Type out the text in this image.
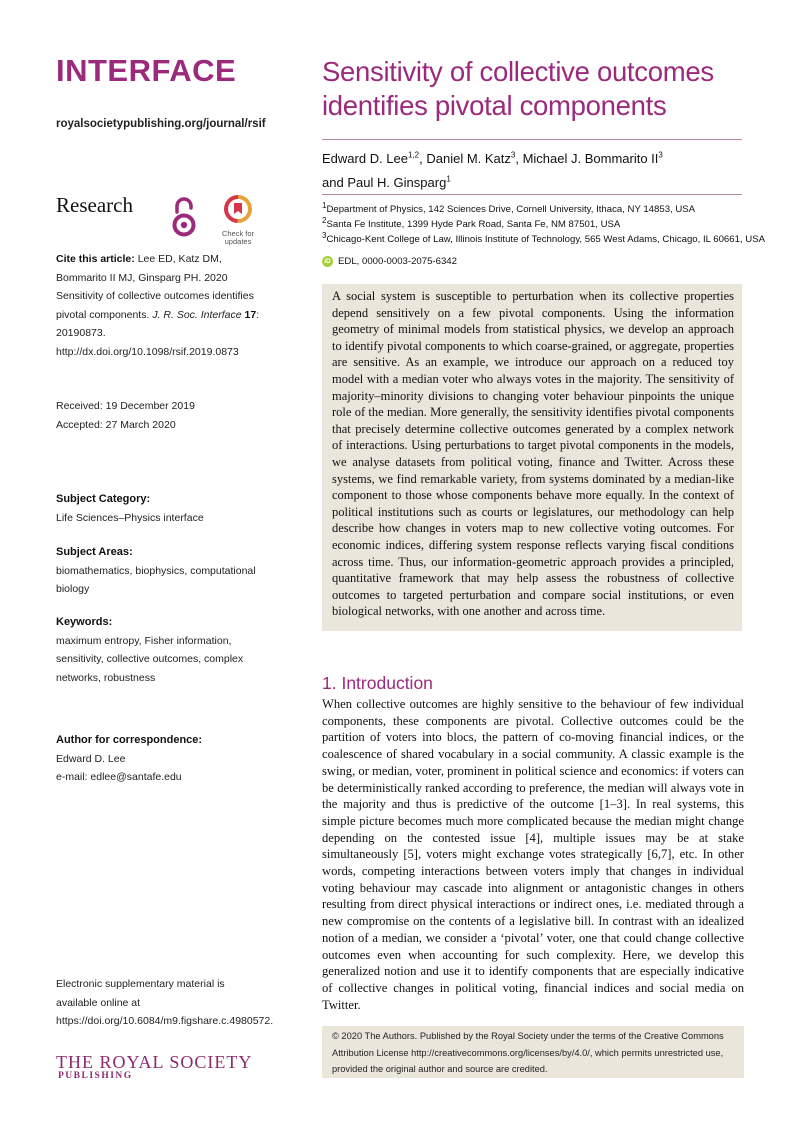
INTERFACE
royalsocietypublishing.org/journal/rsif
Research
Check for updates
Cite this article: Lee ED, Katz DM, Bommarito II MJ, Ginsparg PH. 2020 Sensitivity of collective outcomes identifies pivotal components. J. R. Soc. Interface 17: 20190873. http://dx.doi.org/10.1098/rsif.2019.0873
Received: 19 December 2019
Accepted: 27 March 2020
Subject Category:
Life Sciences–Physics interface
Subject Areas:
biomathematics, biophysics, computational biology
Keywords:
maximum entropy, Fisher information, sensitivity, collective outcomes, complex networks, robustness
Author for correspondence:
Edward D. Lee
e-mail: edlee@santafe.edu
Electronic supplementary material is available online at https://doi.org/10.6084/m9.figshare.c.4980572.
THE ROYAL SOCIETY
PUBLISHING
Sensitivity of collective outcomes
identifies pivotal components
Edward D. Lee$^{1,2}$, Daniel M. Katz$^3$, Michael J. Bommarito $II^3$
and Paul H. Ginsparg$^1$
$^1$Department of Physics, 142 Sciences Drive, Cornell University, Ithaca, NY 14853, USA
$^2$Santa Fe Institute, 1399 Hyde Park Road, Santa Fe, NM 87501, USA
$^3$Chicago-Kent College of Law, Illinois Institute of Technology, 565 West Adams, Chicago, IL 60661, USA
iD EDL, 0000-0003-2075-6342

A social system is susceptible to perturbation when its collective properties depend sensitively on a few pivotal components. Using the information geometry of minimal models from statistical physics, we develop an approach to identify pivotal components to which coarse-grained, or aggregate, properties are sensitive. As an example, we introduce our approach on a reduced toy model with a median voter who always votes in the majority. The sensitivity of majority–minority divisions to changing voter behaviour pinpoints the unique role of the median. More generally, the sensitivity identifies pivotal components that precisely determine collective outcomes generated by a complex network of interactions. Using perturbations to target pivotal components in the models, we analyse datasets from political voting, finance and Twitter. Across these systems, we find remarkable variety, from systems dominated by a median-like component to those whose components behave more equally. In the context of political institutions such as courts or legislatures, our methodology can help describe how changes in voters map to new collective voting outcomes. For economic indices, differing system response reflects varying fiscal conditions across time. Thus, our information-geometric approach provides a principled, quantitative framework that may help assess the robustness of collective outcomes to targeted perturbation and compare social institutions, or even biological networks, with one another and across time.

1. Introduction

When collective outcomes are highly sensitive to the behaviour of few individual components, these components are pivotal. Collective outcomes could be the partition of voters into blocs, the pattern of co-moving financial indices, or the coalescence of shared vocabulary in a social community. A classic example is the swing, or median, voter, prominent in political science and economics: if voters can be deterministically ranked according to preference, the median will always vote in the majority and thus is predictive of the outcome [1–3]. In real systems, this simple picture becomes much more complicated because the median might change depending on the contested issue [4], multiple issues may be at stake simultaneously [5], voters might exchange votes strategically [6,7], etc. In other words, competing interactions between voters imply that changes in individual voting behaviour may cascade into alignment or antagonistic changes in others resulting from direct physical interactions or indirect ones, i.e. mediated through a new compromise on the contents of a legislative bill. In contrast with an idealized notion of a median, we consider a ‘pivotal’ voter, one that could change collective outcomes even when accounting for such complexity. Here, we develop this generalized notion and use it to identify components that are especially indicative of collective changes in political voting, financial indices and social media on Twitter.

© 2020 The Authors. Published by the Royal Society under the terms of the Creative Commons Attribution License http://creativecommons.org/licenses/by/4.0/, which permits unrestricted use, provided the original author and source are credited.
